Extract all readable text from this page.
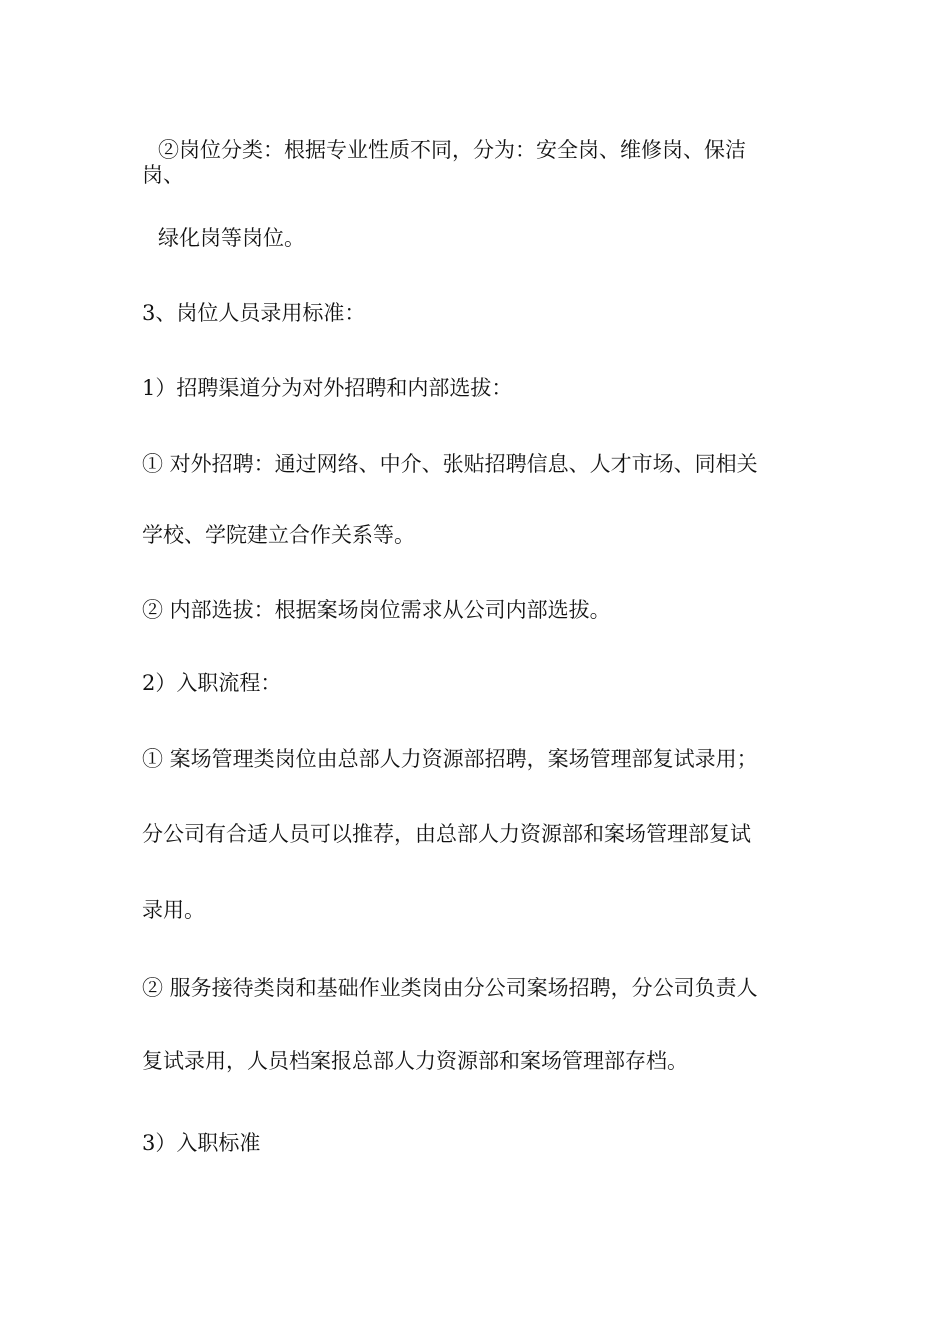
②岗位分类：根据专业性质不同，分为：安全岗、维修岗、保洁
岗、
绿化岗等岗位。
3、岗位人员录用标准：
1）招聘渠道分为对外招聘和内部选拔：
① 对外招聘：通过网络、中介、张贴招聘信息、人才市场、同相关
学校、学院建立合作关系等。
② 内部选拔：根据案场岗位需求从公司内部选拔。
2）入职流程：
① 案场管理类岗位由总部人力资源部招聘，案场管理部复试录用；
分公司有合适人员可以推荐，由总部人力资源部和案场管理部复试
录用。
② 服务接待类岗和基础作业类岗由分公司案场招聘，分公司负责人
复试录用，人员档案报总部人力资源部和案场管理部存档。
3）入职标准
